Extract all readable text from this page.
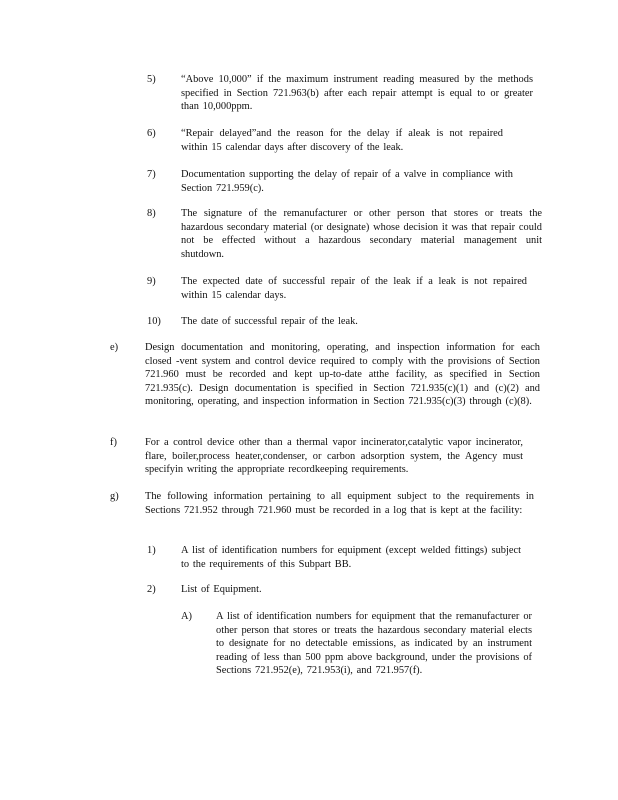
5) “Above 10,000” if the maximum instrument reading measured by the methods specified in Section 721.963(b) after each repair attempt is equal to or greater than 10,000ppm.
6) “Repair delayed”and the reason for the delay if aleak is not repaired within 15 calendar days after discovery of the leak.
7) Documentation supporting the delay of repair of a valve in compliance with Section 721.959(c).
8) The signature of the remanufacturer or other person that stores or treats the hazardous secondary material (or designate) whose decision it was that repair could not be effected without a hazardous secondary material management unit shutdown.
9) The expected date of successful repair of the leak if a leak is not repaired within 15 calendar days.
10) The date of successful repair of the leak.
e)	Design documentation and monitoring, operating, and inspection information for each closed -vent system and control device required to comply with the provisions of Section 721.960 must be recorded and kept up-to-date atthe facility, as specified in Section 721.935(c). Design documentation is specified in Section 721.935(c)(1) and (c)(2) and monitoring, operating, and inspection information in Section 721.935(c)(3) through (c)(8).
f)	For a control device other than a thermal vapor incinerator,catalytic vapor incinerator, flare, boiler,process heater,condenser, or carbon adsorption system, the Agency must specifyin writing the appropriate recordkeeping requirements.
g)	The following information pertaining to all equipment subject to the requirements in Sections 721.952 through 721.960 must be recorded in a log that is kept at the facility:
1) A list of identification numbers for equipment (except welded fittings) subject to the requirements of this Subpart BB.
2) List of Equipment.
A) A list of identification numbers for equipment that the remanufacturer or other person that stores or treats the hazardous secondary material elects to designate for no detectable emissions, as indicated by an instrument reading of less than 500 ppm above background, under the provisions of Sections 721.952(e), 721.953(i), and 721.957(f).
